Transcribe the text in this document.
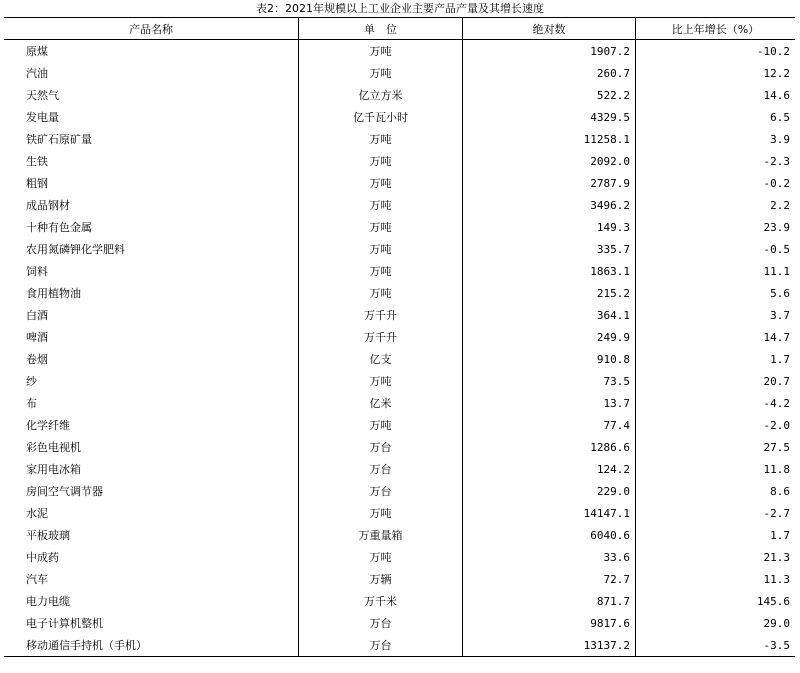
表2：2021年规模以上工业企业主要产品产量及其增长速度
产品名称	单　位	绝对数	比上年增长（%）
原煤	万吨	1907.2	-10.2
汽油	万吨	260.7	12.2
天然气	亿立方米	522.2	14.6
发电量	亿千瓦小时	4329.5	6.5
铁矿石原矿量	万吨	11258.1	3.9
生铁	万吨	2092.0	-2.3
粗钢	万吨	2787.9	-0.2
成品钢材	万吨	3496.2	2.2
十种有色金属	万吨	149.3	23.9
农用氮磷钾化学肥料	万吨	335.7	-0.5
饲料	万吨	1863.1	11.1
食用植物油	万吨	215.2	5.6
白酒	万千升	364.1	3.7
啤酒	万千升	249.9	14.7
卷烟	亿支	910.8	1.7
纱	万吨	73.5	20.7
布	亿米	13.7	-4.2
化学纤维	万吨	77.4	-2.0
彩色电视机	万台	1286.6	27.5
家用电冰箱	万台	124.2	11.8
房间空气调节器	万台	229.0	8.6
水泥	万吨	14147.1	-2.7
平板玻璃	万重量箱	6040.6	1.7
中成药	万吨	33.6	21.3
汽车	万辆	72.7	11.3
电力电缆	万千米	871.7	145.6
电子计算机整机	万台	9817.6	29.0
移动通信手持机（手机）	万台	13137.2	-3.5
